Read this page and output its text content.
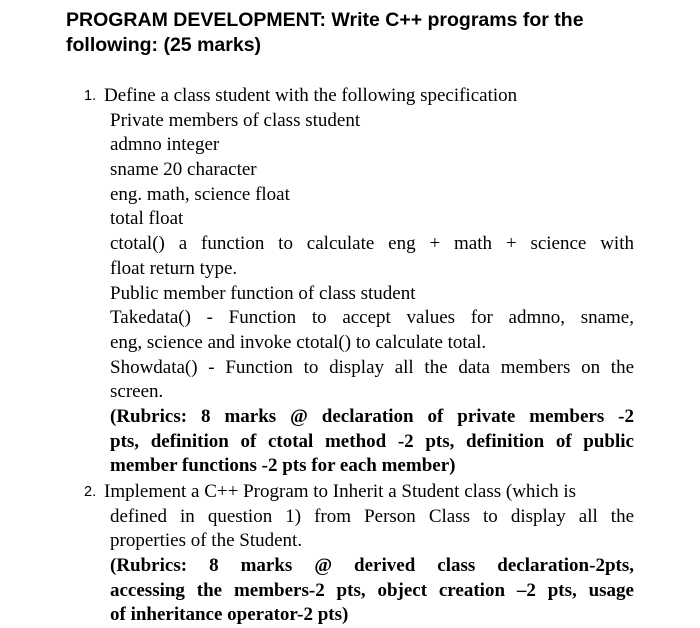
PROGRAM DEVELOPMENT: Write C++ programs for the
following: (25 marks)
1. Define a class student with the following specification
Private members of class student
admno integer
sname 20 character
eng. math, science float
total float
ctotal() a function to calculate eng + math + science with
float return type.
Public member function of class student
Takedata() - Function to accept values for admno, sname,
eng, science and invoke ctotal() to calculate total.
Showdata() - Function to display all the data members on the
screen.
(Rubrics: 8 marks @ declaration of private members -2
pts, definition of ctotal method -2 pts, definition of public
member functions -2 pts for each member)
2. Implement a C++ Program to Inherit a Student class (which is
defined in question 1) from Person Class to display all the
properties of the Student.
(Rubrics: 8 marks @ derived class declaration-2pts,
accessing the members-2 pts, object creation –2 pts, usage
of inheritance operator-2 pts)
